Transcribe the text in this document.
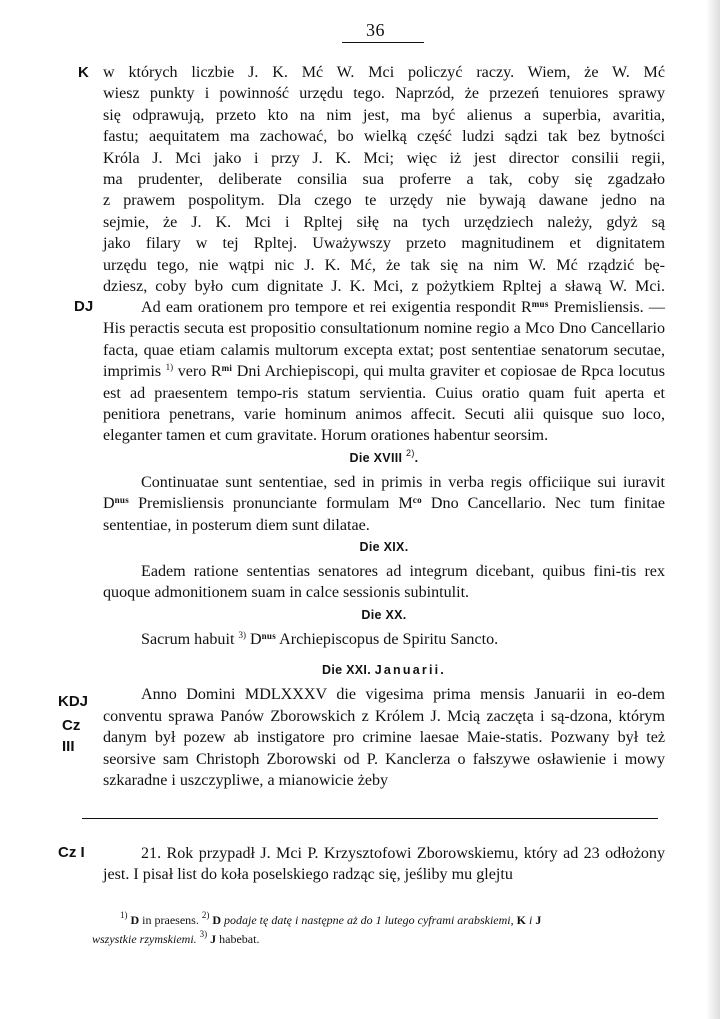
36
K
DJ
KDJ
Cz
III
Cz I
w których liczbie J. K. Mć W. Mci policzyć raczy. Wiem, że W. Mć
wiesz punkty i powinność urzędu tego. Naprzód, że przezeń tenuiores sprawy
się odprawują, przeto kto na nim jest, ma być alienus a superbia, avaritia,
fastu; aequitatem ma zachować, bo wielką część ludzi sądzi tak bez bytności
Króla J. Mci jako i przy J. K. Mci; więc iż jest director consilii regii,
ma prudenter, deliberate consilia sua proferre a tak, coby się zgadzało
z prawem pospolitym. Dla czego te urzędy nie bywają dawane jedno na
sejmie, że J. K. Mci i Rpltej siłę na tych urzędziech należy, gdyż są
jako filary w tej Rpltej. Uważywszy przeto magnitudinem et dignitatem
urzędu tego, nie wątpi nic J. K. Mć, że tak się na nim W. Mć rządzić bę-
dziesz, coby było cum dignitate J. K. Mci, z pożytkiem Rpltej a sławą W. Mci.

Ad eam orationem pro tempore et rei exigentia respondit $R^{mus}$ Premisliensis. — His peractis secuta est propositio consultationum nomine regio a Mco Dno Cancellario facta, quae etiam calamis multorum excepta extat; post sententiae senatorum secutae, imprimis $^{1)}$ vero $R^{mi}$ Dni Archiepiscopi, qui multa graviter et copiosae de Rpca locutus est ad praesentem tempo-ris statum servientia. Cuius oratio quam fuit aperta et penitiora penetrans, varie hominum animos affecit. Secuti alii quisque suo loco, eleganter tamen et cum gravitate. Horum orationes habentur seorsim.

Die XVIII $^{2)}$.

Continuatae sunt sententiae, sed in primis in verba regis officiique sui iuravit $D^{nus}$ Premisliensis pronunciante formulam $M^{co}$ Dno Cancellario. Nec tum finitae sententiae, in posterum diem sunt dilatae.

Die XIX.

Eadem ratione sententias senatores ad integrum dicebant, quibus fini-tis rex quoque admonitionem suam in calce sessionis subintulit.

Die XX.

Sacrum habuit $^{3)}$ $D^{nus}$ Archiepiscopus de Spiritu Sancto.

Die XXI. Januarii.

Anno Domini MDLXXXV die vigesima prima mensis Januarii in eo-dem conventu sprawa Panów Zborowskich z Królem J. Mcią zaczęta i są-dzona, którym danym był pozew ab instigatore pro crimine laesae Maie-statis. Pozwany był też seorsive sam Christoph Zborowski od P. Kanclerza o fałszywe osławienie i mowy szkaradne i uszczypliwe, a mianowicie żeby

21. Rok przypadł J. Mci P. Krzysztofowi Zborowskiemu, który ad 23 odłożony jest. I pisał list do koła poselskiego radząc się, jeśliby mu glejtu

$^{1)}$ D in praesens. $^{2)}$ D podaje tę datę i następne aż do 1 lutego cyframi arabskiemi, K i J

wszystkie rzymskiemi. $^{3)}$ J habebat.
